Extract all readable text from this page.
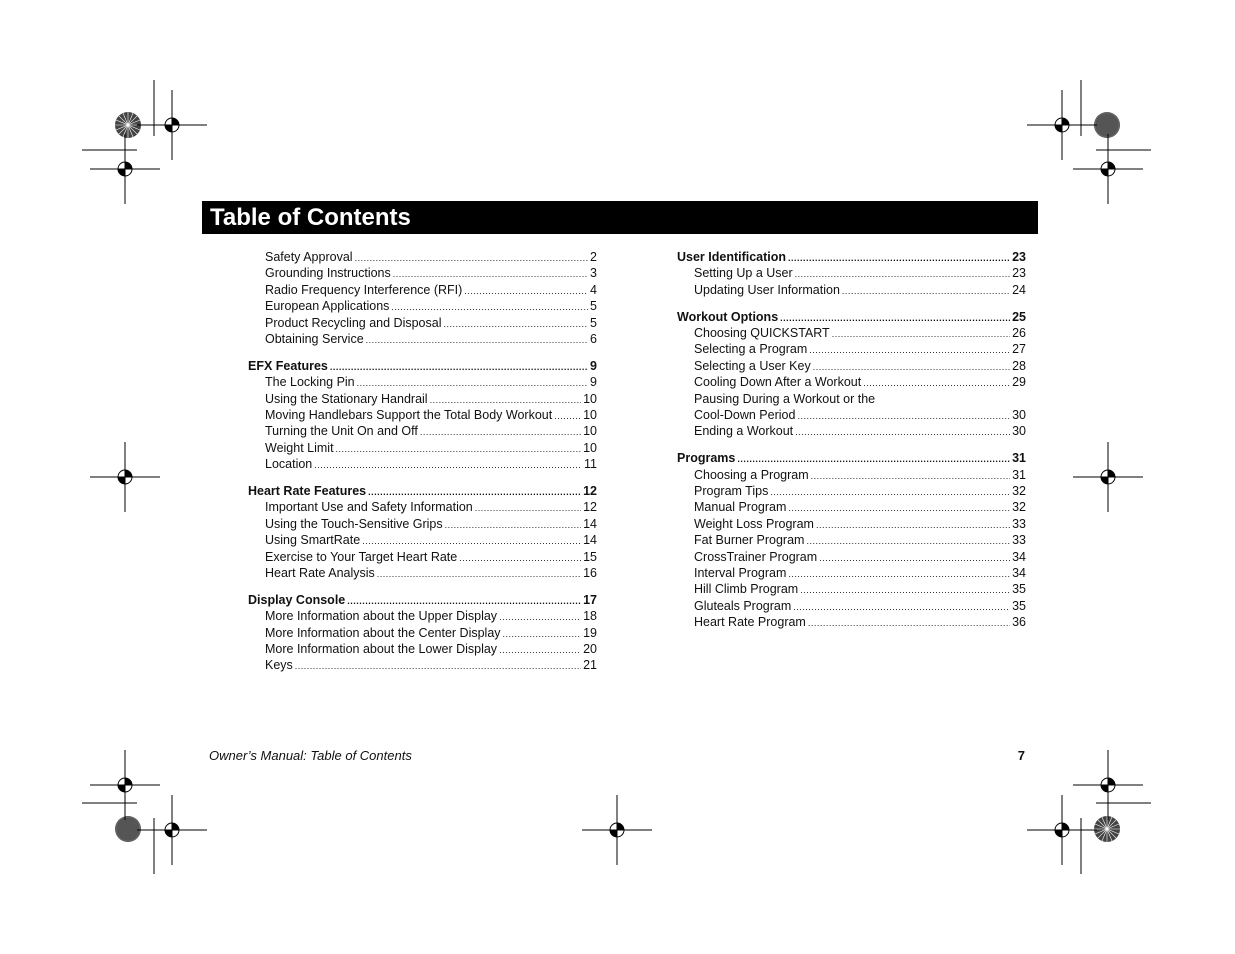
Table of Contents
Safety Approval .....	2
Grounding Instructions .....	3
Radio Frequency Interference (RFI) .....	4
European Applications .....	5
Product Recycling and Disposal .....	5
Obtaining Service .....	6
EFX Features .....	9
The Locking Pin .....	9
Using the Stationary Handrail .....	10
Moving Handlebars Support the Total Body Workout ..... 10
Turning the Unit On and Off .....	10
Weight Limit .....	10
Location .....	11
Heart Rate Features .....	12
Important Use and Safety Information .....	12
Using the Touch-Sensitive Grips .....	14
Using SmartRate .....	14
Exercise to Your Target Heart Rate .....	15
Heart Rate Analysis .....	16
Display Console .....	17
More Information about the Upper Display .....	18
More Information about the Center Display .....	19
More Information about the Lower Display .....	20
Keys .....	21
User Identification .....	23
Setting Up a User .....	23
Updating User Information .....	24
Workout Options .....	25
Choosing QUICKSTART .....	26
Selecting a Program .....	27
Selecting a User Key .....	28
Cooling Down After a Workout .....	29
Pausing During a Workout or the
Cool-Down Period .....	30
Ending a Workout .....	30
Programs .....	31
Choosing a Program .....	31
Program Tips .....	32
Manual Program .....	32
Weight Loss Program .....	33
Fat Burner Program .....	33
CrossTrainer Program .....	34
Interval Program .....	34
Hill Climb Program .....	35
Gluteals Program .....	35
Heart Rate Program .....	36
Owner’s Manual: Table of Contents	7
